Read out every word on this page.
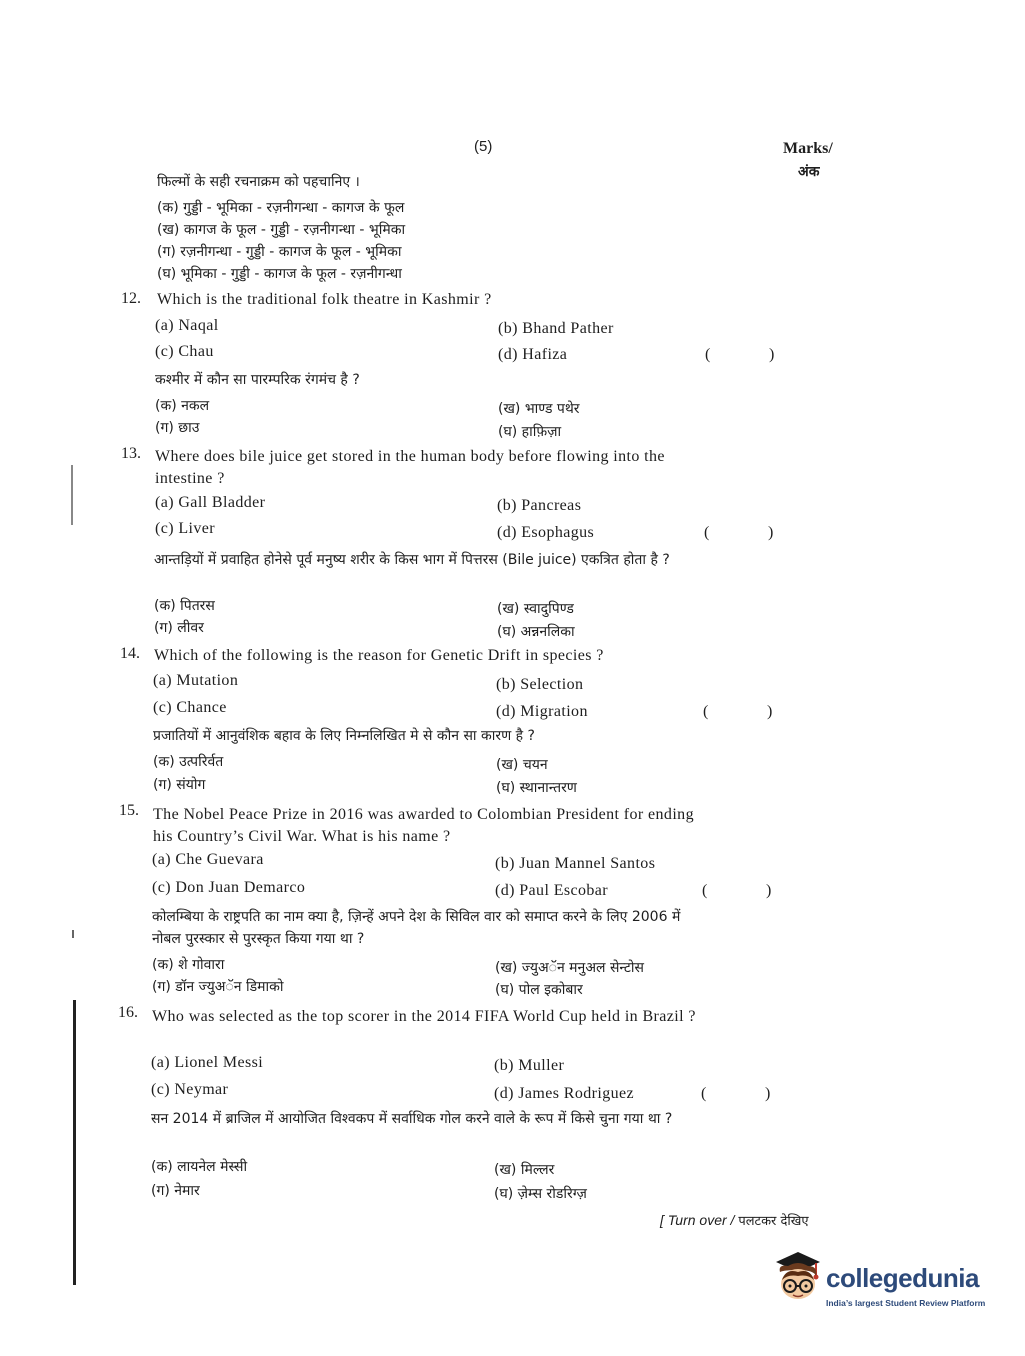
(5)	Marks/
अंक
फिल्मों के सही रचनाक्रम को पहचानिए ।
(क) गुड्डी - भूमिका - रज़नीगन्धा - कागज के फूल
(ख) कागज के फूल - गुड्डी - रज़नीगन्धा - भूमिका
(ग) रज़नीगन्धा - गुड्डी - कागज के फूल - भूमिका
(घ) भूमिका - गुड्डी - कागज के फूल - रज़नीगन्धा
12. Which is the traditional folk theatre in Kashmir ?
(a) Naqal	(b) Bhand Pather
(c) Chau	(d) Hafiza	(	)
कश्मीर में कौन सा पारम्परिक रंगमंच है ?
(क) नकल	(ख) भाण्ड पथेर
(ग) छाउ	(घ) हाफ़िज़ा
13. Where does bile juice get stored in the human body before flowing into the intestine ?
(a) Gall Bladder	(b) Pancreas
(c) Liver	(d) Esophagus	(	)
आन्तड़ियों में प्रवाहित होनेसे पूर्व मनुष्य शरीर के किस भाग में पित्तरस (Bile juice) एकत्रित होता है ?
(क) पितरस	(ख) स्वादुपिण्ड
(ग) लीवर	(घ) अन्ननलिका
14. Which of the following is the reason for Genetic Drift in species ?
(a) Mutation	(b) Selection
(c) Chance	(d) Migration	(	)
प्रजातियों में आनुवंशिक बहाव के लिए निम्नलिखित मे से कौन सा कारण है ?
(क) उत्परिर्वत	(ख) चयन
(ग) संयोग	(घ) स्थानान्तरण
15. The Nobel Peace Prize in 2016 was awarded to Colombian President for ending his Country’s Civil War. What is his name ?
(a) Che Guevara	(b) Juan Mannel Santos
(c) Don Juan Demarco	(d) Paul Escobar	(	)
कोलम्बिया के राष्ट्रपति का नाम क्या है, ज़िन्हें अपने देश के सिविल वार को समाप्त करने के लिए 2006 में नोबल पुरस्कार से पुरस्कृत किया गया था ?
(क) शे गोवारा	(ख) ज्युअॅन मनुअल सेन्टोस
(ग) डॉन ज्युअॅन डिमाको	(घ) पोल इकोबार
16. Who was selected as the top scorer in the 2014 FIFA World Cup held in Brazil ?
(a) Lionel Messi	(b) Muller
(c) Neymar	(d) James Rodriguez	(	)
सन 2014 में ब्राजिल में आयोजित विश्वकप में सर्वाधिक गोल करने वाले के रूप में किसे चुना गया था ?
(क) लायनेल मेस्सी	(ख) मिल्लर
(ग) नेमार	(घ) ज़ेम्स रोडरिग्ज़
[ Turn over / पलटकर देखिए
collegedunia
India’s largest Student Review Platform
